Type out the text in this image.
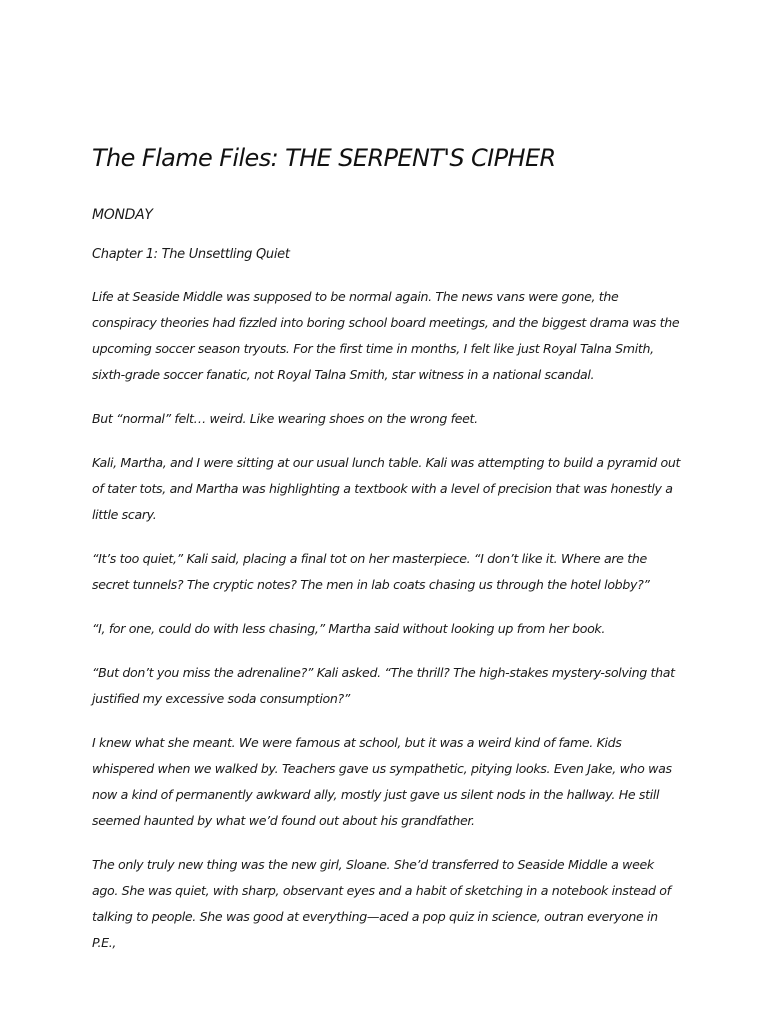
The Flame Files: THE SERPENT'S CIPHER

MONDAY

Chapter 1: The Unsettling Quiet

Life at Seaside Middle was supposed to be normal again. The news vans were gone, the conspiracy theories had fizzled into boring school board meetings, and the biggest drama was the upcoming soccer season tryouts. For the first time in months, I felt like just Royal Talna Smith, sixth-grade soccer fanatic, not Royal Talna Smith, star witness in a national scandal.

But “normal” felt… weird. Like wearing shoes on the wrong feet.

Kali, Martha, and I were sitting at our usual lunch table. Kali was attempting to build a pyramid out of tater tots, and Martha was highlighting a textbook with a level of precision that was honestly a little scary.

“It’s too quiet,” Kali said, placing a final tot on her masterpiece. “I don’t like it. Where are the secret tunnels? The cryptic notes? The men in lab coats chasing us through the hotel lobby?”

“I, for one, could do with less chasing,” Martha said without looking up from her book.

“But don’t you miss the adrenaline?” Kali asked. “The thrill? The high-stakes mystery-solving that justified my excessive soda consumption?”

I knew what she meant. We were famous at school, but it was a weird kind of fame. Kids whispered when we walked by. Teachers gave us sympathetic, pitying looks. Even Jake, who was now a kind of permanently awkward ally, mostly just gave us silent nods in the hallway. He still seemed haunted by what we’d found out about his grandfather.

The only truly new thing was the new girl, Sloane. She’d transferred to Seaside Middle a week ago. She was quiet, with sharp, observant eyes and a habit of sketching in a notebook instead of talking to people. She was good at everything—aced a pop quiz in science, outran everyone in P.E.,
